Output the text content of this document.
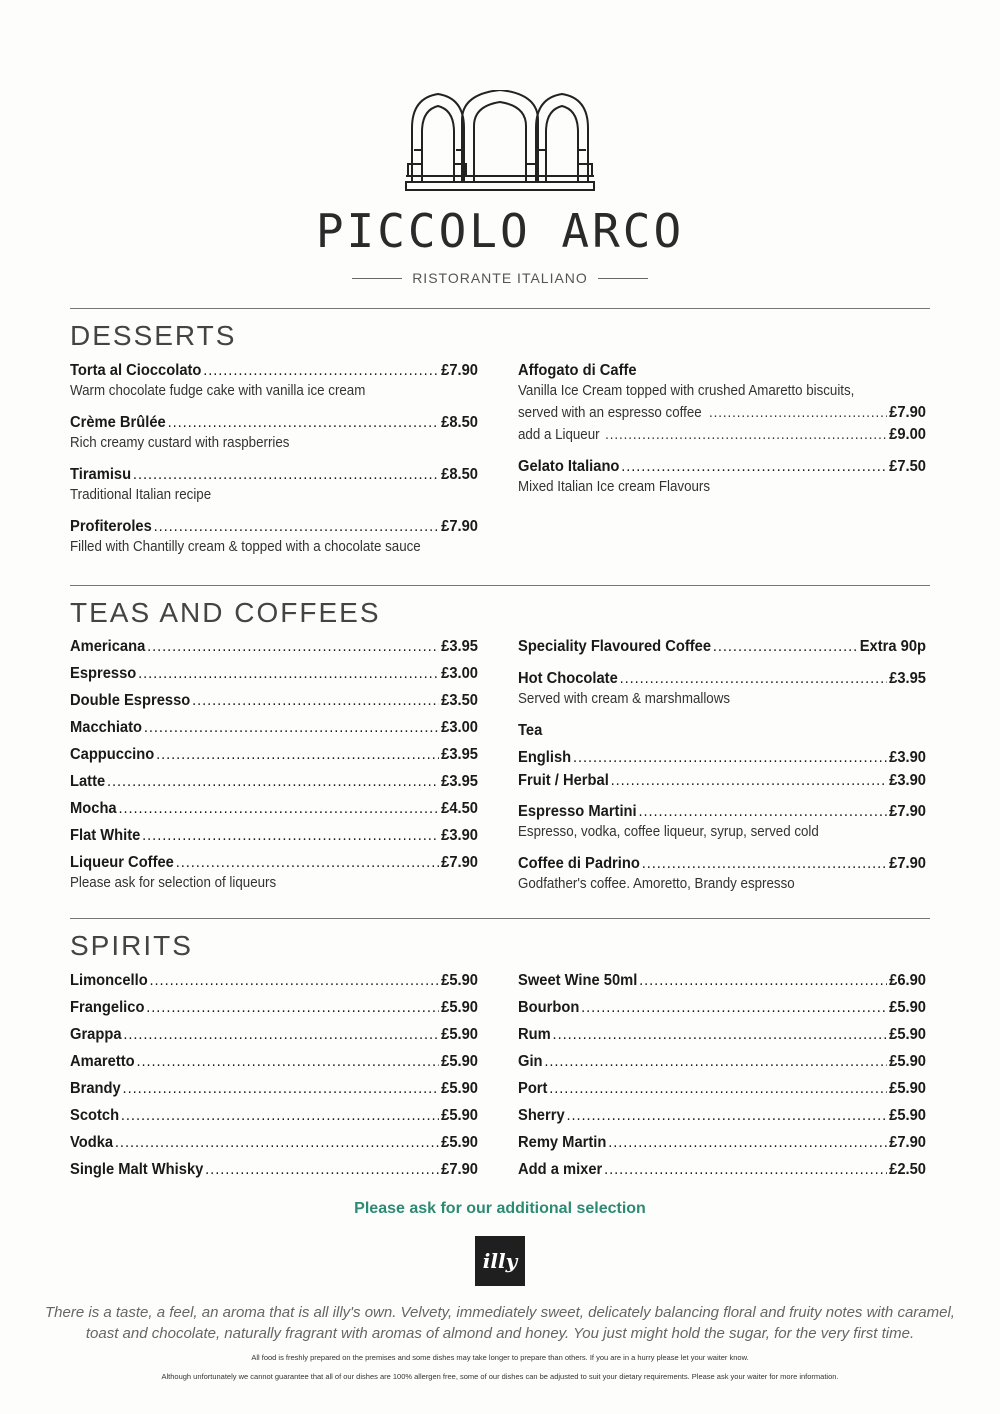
PICCOLO ARCO
RISTORANTE ITALIANO
DESSERTS
Torta al Cioccolato .....	£7.90
Warm chocolate fudge cake with vanilla ice cream
Crème Brûlée .....	£8.50
Rich creamy custard with raspberries
Tiramisu .....	£8.50
Traditional Italian recipe
Profiteroles .....	£7.90
Filled with Chantilly cream & topped with a chocolate sauce
Affogato di Caffe
Vanilla Ice Cream topped with crushed Amaretto biscuits,
served with an espresso coffee .....	£7.90
add a Liqueur .....	£9.00
Gelato Italiano .....	£7.50
Mixed Italian Ice cream Flavours
TEAS AND COFFEES
Americana .....	£3.95
Espresso .....	£3.00
Double Espresso .....	£3.50
Macchiato .....	£3.00
Cappuccino .....	£3.95
Latte .....	£3.95
Mocha .....	£4.50
Flat White .....	£3.90
Liqueur Coffee .....	£7.90
Please ask for selection of liqueurs
Speciality Flavoured Coffee .....	Extra 90p
Hot Chocolate .....	£3.95
Served with cream & marshmallows
Tea
English .....	£3.90
Fruit / Herbal .....	£3.90
Espresso Martini .....	£7.90
Espresso, vodka, coffee liqueur, syrup, served cold
Coffee di Padrino .....	£7.90
Godfather's coffee. Amoretto, Brandy espresso
SPIRITS
Limoncello .....	£5.90
Frangelico .....	£5.90
Grappa .....	£5.90
Amaretto .....	£5.90
Brandy .....	£5.90
Scotch .....	£5.90
Vodka .....	£5.90
Single Malt Whisky .....	£7.90
Sweet Wine 50ml .....	£6.90
Bourbon .....	£5.90
Rum .....	£5.90
Gin .....	£5.90
Port .....	£5.90
Sherry .....	£5.90
Remy Martin .....	£7.90
Add a mixer .....	£2.50
Please ask for our additional selection
illy
There is a taste, a feel, an aroma that is all illy's own. Velvety, immediately sweet, delicately balancing floral and fruity notes with caramel,
toast and chocolate, naturally fragrant with aromas of almond and honey. You just might hold the sugar, for the very first time.
All food is freshly prepared on the premises and some dishes may take longer to prepare than others. If you are in a hurry please let your waiter know.
Although unfortunately we cannot guarantee that all of our dishes are 100% allergen free, some of our dishes can be adjusted to suit your dietary requirements. Please ask your waiter for more information.
